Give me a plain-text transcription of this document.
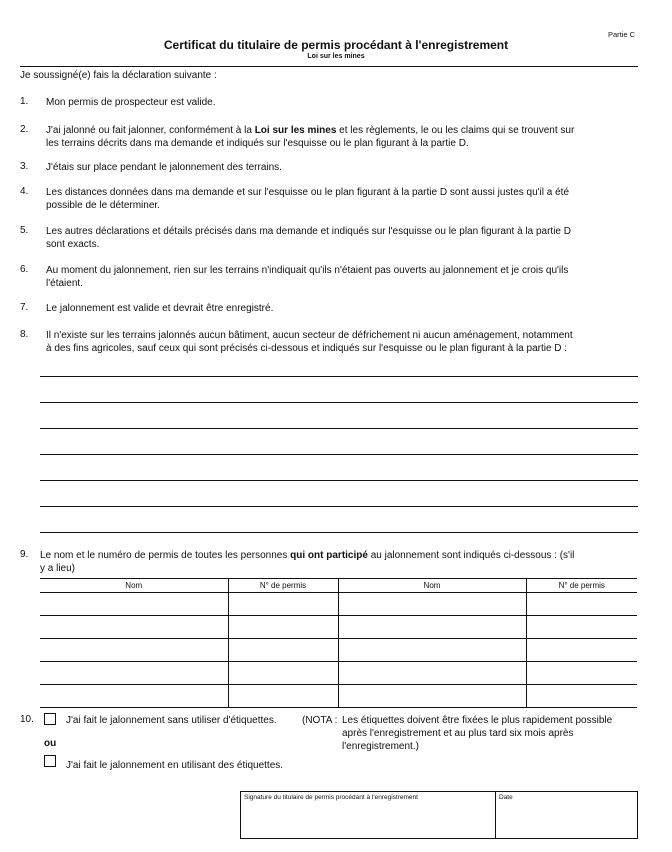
Partie C
Certificat du titulaire de permis procédant à l'enregistrement
Loi sur les mines
Je soussigné(e) fais la déclaration suivante :
1.	Mon permis de prospecteur est valide.
2.	J'ai jalonné ou fait jalonner, conformément à la Loi sur les mines et les règlements, le ou les claims qui se trouvent sur
les terrains décrits dans ma demande et indiqués sur l'esquisse ou le plan figurant à la partie D.
3.	J'étais sur place pendant le jalonnement des terrains.
4.	Les distances données dans ma demande et sur l'esquisse ou le plan figurant à la partie D sont aussi justes qu'il a été
possible de le déterminer.
5.	Les autres déclarations et détails précisés dans ma demande et indiqués sur l'esquisse ou le plan figurant à la partie D
sont exacts.
6.	Au moment du jalonnement, rien sur les terrains n'indiquait qu'ils n'étaient pas ouverts au jalonnement et je crois qu'ils
l'étaient.
7.	Le jalonnement est valide et devrait être enregistré.
8.	Il n'existe sur les terrains jalonnés aucun bâtiment, aucun secteur de défrichement ni aucun aménagement, notamment
à des fins agricoles, sauf ceux qui sont précisés ci-dessous et indiqués sur l'esquisse ou le plan figurant à la partie D :
9.	Le nom et le numéro de permis de toutes les personnes qui ont participé au jalonnement sont indiqués ci-dessous : (s'il
y a lieu)
Nom	N° de permis	Nom	N° de permis

10.	J'ai fait le jalonnement sans utiliser d'étiquettes.	(NOTA : Les étiquettes doivent être fixées le plus rapidement possible
après l'enregistrement et au plus tard six mois après
l'enregistrement.)
ou
J'ai fait le jalonnement en utilisant des étiquettes.
Signature du titulaire de permis procédant à l'enregistrement	Date
